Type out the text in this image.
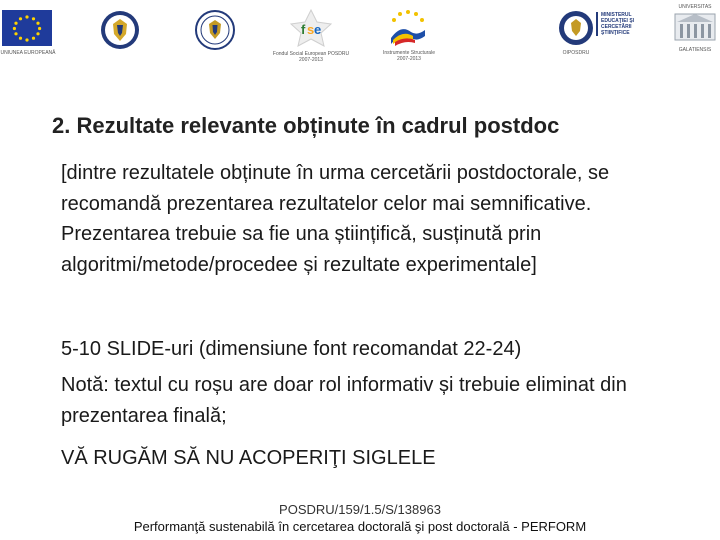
UNIUNEA EUROPEANĂ
f s e
Fondul Social European POSDRU 2007-2013
Instrumente Structurale 2007-2013
OIPOSDRU
MINISTERUL
EDUCAŢIEI ŞI
CERCETĂRII
ŞTIINŢIFICE
UNIVERSITAS
GALATIENSIS
2. Rezultate relevante obținute în cadrul postdoc
[dintre rezultatele obținute în urma cercetării postdoctorale, se recomandă prezentarea rezultatelor celor mai semnificative. Prezentarea trebuie sa fie una științifică, susținută prin algoritmi/metode/procedee și rezultate experimentale]
5-10 SLIDE-uri (dimensiune font recomandat 22-24)
Notă: textul cu roșu are doar rol informativ și trebuie eliminat din prezentarea finală;
VĂ RUGĂM SĂ NU ACOPERIŢI SIGLELE
POSDRU/159/1.5/S/138963
Performanţă sustenabilă în cercetarea doctorală şi post doctorală - PERFORM
